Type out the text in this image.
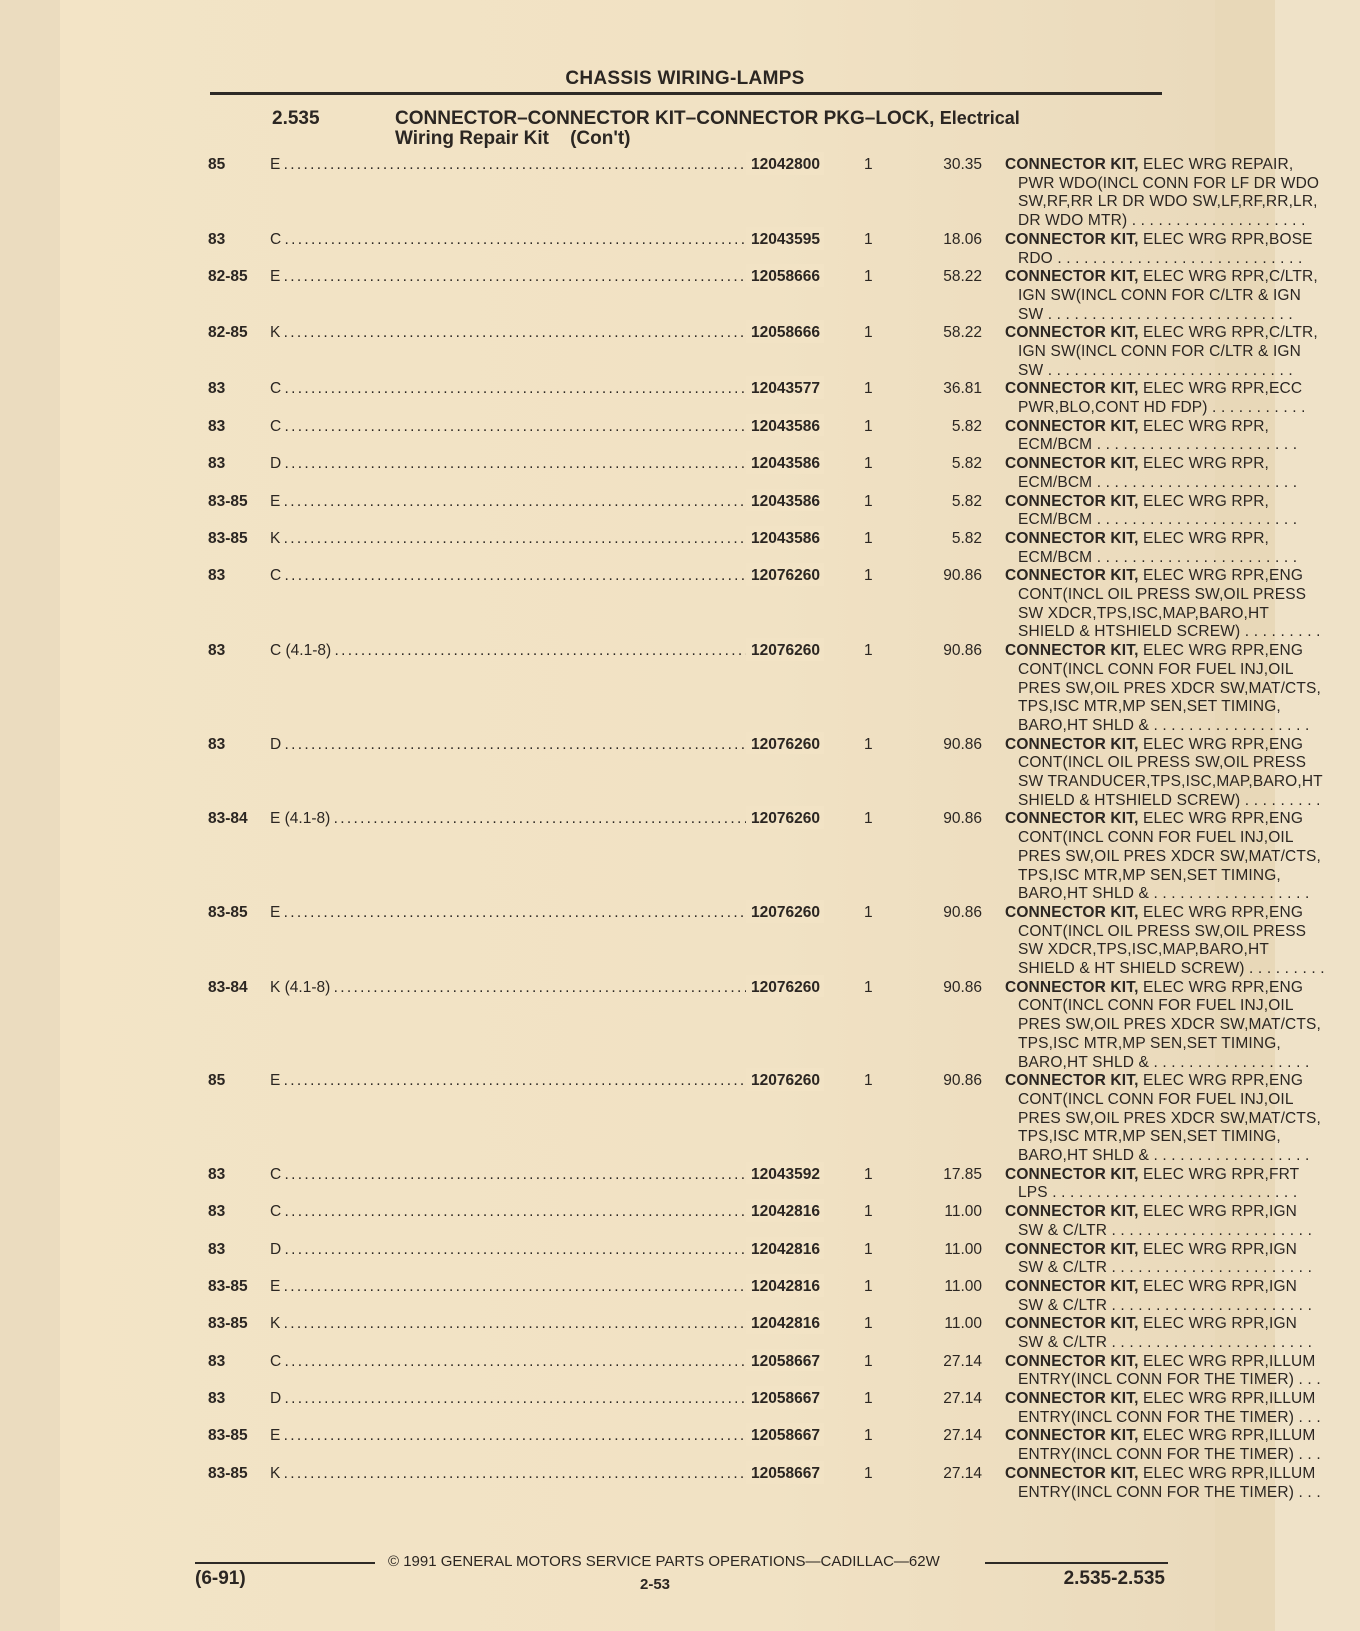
CHASSIS WIRING-LAMPS
2.535	CONNECTOR–CONNECTOR KIT–CONNECTOR PKG–LOCK, Electrical
Wiring Repair Kit    (Con't)
85	E . . .	12042800	1	30.35 CONNECTOR KIT, ELEC WRG REPAIR,
PWR WDO(INCL CONN FOR LF DR WDO
SW,RF,RR LR DR WDO SW,LF,RF,RR,LR,
DR WDO MTR) . . . . . . . . . . . . . . . . . . . .
83	C . . .	12043595	1	18.06 CONNECTOR KIT, ELEC WRG RPR,BOSE
RDO . . . . . . . . . . . . . . . . . . . . . . . . . . . .
82-85	E . . .	12058666	1	58.22 CONNECTOR KIT, ELEC WRG RPR,C/LTR,
IGN SW(INCL CONN FOR C/LTR & IGN
SW . . . . . . . . . . . . . . . . . . . . . . . . . . . .
82-85	K . . .	12058666	1	58.22 CONNECTOR KIT, ELEC WRG RPR,C/LTR,
IGN SW(INCL CONN FOR C/LTR & IGN
SW . . . . . . . . . . . . . . . . . . . . . . . . . . . .
83	C . . .	12043577	1	36.81 CONNECTOR KIT, ELEC WRG RPR,ECC
PWR,BLO,CONT HD FDP) . . . . . . . . . . .
83	C . . .	12043586	1	5.82 CONNECTOR KIT, ELEC WRG RPR,
ECM/BCM . . . . . . . . . . . . . . . . . . . . . . .
83	D . . .	12043586	1	5.82 CONNECTOR KIT, ELEC WRG RPR,
ECM/BCM . . . . . . . . . . . . . . . . . . . . . . .
83-85	E . . .	12043586	1	5.82 CONNECTOR KIT, ELEC WRG RPR,
ECM/BCM . . . . . . . . . . . . . . . . . . . . . . .
83-85	K . . .	12043586	1	5.82 CONNECTOR KIT, ELEC WRG RPR,
ECM/BCM . . . . . . . . . . . . . . . . . . . . . . .
83	C . . .	12076260	1	90.86 CONNECTOR KIT, ELEC WRG RPR,ENG
CONT(INCL OIL PRESS SW,OIL PRESS
SW XDCR,TPS,ISC,MAP,BARO,HT
SHIELD & HTSHIELD SCREW) . . . . . . . . .
83	C (4.1-8) . . .	12076260	1	90.86 CONNECTOR KIT, ELEC WRG RPR,ENG
CONT(INCL CONN FOR FUEL INJ,OIL
PRES SW,OIL PRES XDCR SW,MAT/CTS,
TPS,ISC MTR,MP SEN,SET TIMING,
BARO,HT SHLD & . . . . . . . . . . . . . . . . . .
83	D . . .	12076260	1	90.86 CONNECTOR KIT, ELEC WRG RPR,ENG
CONT(INCL OIL PRESS SW,OIL PRESS
SW TRANDUCER,TPS,ISC,MAP,BARO,HT
SHIELD & HTSHIELD SCREW) . . . . . . . . .
83-84	E (4.1-8) . . .	12076260	1	90.86 CONNECTOR KIT, ELEC WRG RPR,ENG
CONT(INCL CONN FOR FUEL INJ,OIL
PRES SW,OIL PRES XDCR SW,MAT/CTS,
TPS,ISC MTR,MP SEN,SET TIMING,
BARO,HT SHLD & . . . . . . . . . . . . . . . . . .
83-85	E . . .	12076260	1	90.86 CONNECTOR KIT, ELEC WRG RPR,ENG
CONT(INCL OIL PRESS SW,OIL PRESS
SW XDCR,TPS,ISC,MAP,BARO,HT
SHIELD & HT SHIELD SCREW) . . . . . . . . .
83-84	K (4.1-8) . . .	12076260	1	90.86 CONNECTOR KIT, ELEC WRG RPR,ENG
CONT(INCL CONN FOR FUEL INJ,OIL
PRES SW,OIL PRES XDCR SW,MAT/CTS,
TPS,ISC MTR,MP SEN,SET TIMING,
BARO,HT SHLD & . . . . . . . . . . . . . . . . . .
85	E . . .	12076260	1	90.86 CONNECTOR KIT, ELEC WRG RPR,ENG
CONT(INCL CONN FOR FUEL INJ,OIL
PRES SW,OIL PRES XDCR SW,MAT/CTS,
TPS,ISC MTR,MP SEN,SET TIMING,
BARO,HT SHLD & . . . . . . . . . . . . . . . . . .
83	C . . .	12043592	1	17.85 CONNECTOR KIT, ELEC WRG RPR,FRT
LPS . . . . . . . . . . . . . . . . . . . . . . . . . . . .
83	C . . .	12042816	1	11.00 CONNECTOR KIT, ELEC WRG RPR,IGN
SW & C/LTR . . . . . . . . . . . . . . . . . . . . . . .
83	D . . .	12042816	1	11.00 CONNECTOR KIT, ELEC WRG RPR,IGN
SW & C/LTR . . . . . . . . . . . . . . . . . . . . . . .
83-85	E . . .	12042816	1	11.00 CONNECTOR KIT, ELEC WRG RPR,IGN
SW & C/LTR . . . . . . . . . . . . . . . . . . . . . . .
83-85	K . . .	12042816	1	11.00 CONNECTOR KIT, ELEC WRG RPR,IGN
SW & C/LTR . . . . . . . . . . . . . . . . . . . . . . .
83	C . . .	12058667	1	27.14 CONNECTOR KIT, ELEC WRG RPR,ILLUM
ENTRY(INCL CONN FOR THE TIMER) . . .
83	D . . .	12058667	1	27.14 CONNECTOR KIT, ELEC WRG RPR,ILLUM
ENTRY(INCL CONN FOR THE TIMER) . . .
83-85	E . . .	12058667	1	27.14 CONNECTOR KIT, ELEC WRG RPR,ILLUM
ENTRY(INCL CONN FOR THE TIMER) . . .
83-85	K . . .	12058667	1	27.14 CONNECTOR KIT, ELEC WRG RPR,ILLUM
ENTRY(INCL CONN FOR THE TIMER) . . .
© 1991 GENERAL MOTORS SERVICE PARTS OPERATIONS—CADILLAC—62W
(6-91)	2-53	2.535-2.535
